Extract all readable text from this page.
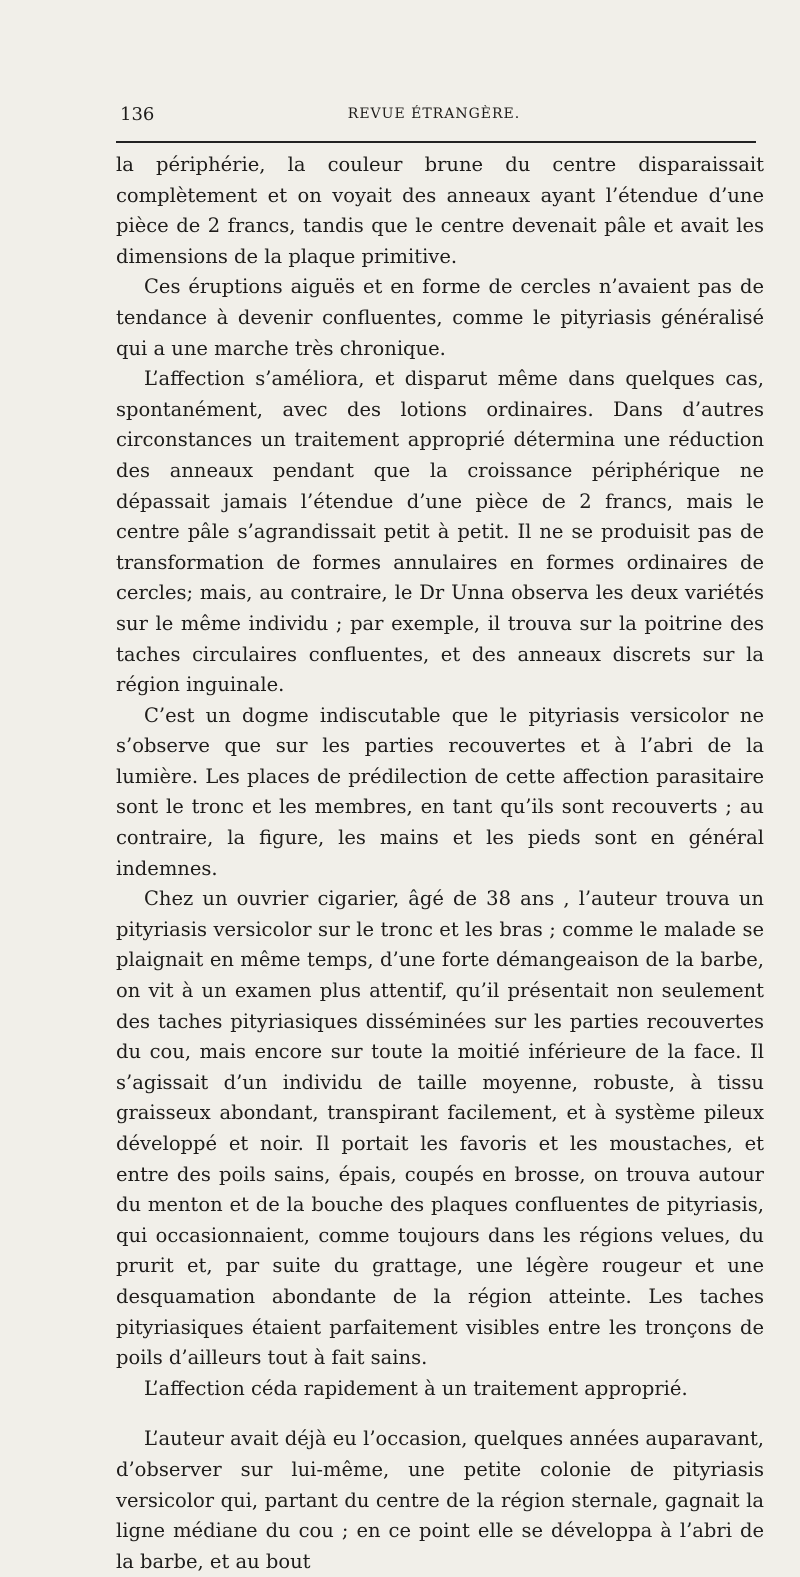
136	REVUE ÉTRANGÈRE.

la périphérie, la couleur brune du centre disparaissait complètement et on voyait des anneaux ayant l’étendue d’une pièce de 2 francs, tandis que le centre devenait pâle et avait les dimensions de la plaque primitive.

Ces éruptions aiguës et en forme de cercles n’avaient pas de tendance à devenir confluentes, comme le pityriasis généralisé qui a une marche très chronique.

L’affection s’améliora, et disparut même dans quelques cas, spontanément, avec des lotions ordinaires. Dans d’autres circonstances un traitement approprié détermina une réduction des anneaux pendant que la croissance périphérique ne dépassait jamais l’étendue d’une pièce de 2 francs, mais le centre pâle s’agrandissait petit à petit. Il ne se produisit pas de transformation de formes annulaires en formes ordinaires de cercles; mais, au contraire, le Dr Unna observa les deux variétés sur le même individu ; par exemple, il trouva sur la poitrine des taches circulaires confluentes, et des anneaux discrets sur la région inguinale.

C’est un dogme indiscutable que le pityriasis versicolor ne s’observe que sur les parties recouvertes et à l’abri de la lumière. Les places de prédilection de cette affection parasitaire sont le tronc et les membres, en tant qu’ils sont recouverts ; au contraire, la figure, les mains et les pieds sont en général indemnes.

Chez un ouvrier cigarier, âgé de 38 ans , l’auteur trouva un pityriasis versicolor sur le tronc et les bras ; comme le malade se plaignait en même temps, d’une forte démangeaison de la barbe, on vit à un examen plus attentif, qu’il présentait non seulement des taches pityriasiques disséminées sur les parties recouvertes du cou, mais encore sur toute la moitié inférieure de la face. Il s’agissait d’un individu de taille moyenne, robuste, à tissu graisseux abondant, transpirant facilement, et à système pileux développé et noir. Il portait les favoris et les moustaches, et entre des poils sains, épais, coupés en brosse, on trouva autour du menton et de la bouche des plaques confluentes de pityriasis, qui occasionnaient, comme toujours dans les régions velues, du prurit et, par suite du grattage, une légère rougeur et une desquamation abondante de la région atteinte. Les taches pityriasiques étaient parfaitement visibles entre les tronçons de poils d’ailleurs tout à fait sains.

L’affection céda rapidement à un traitement approprié.

L’auteur avait déjà eu l’occasion, quelques années auparavant, d’observer sur lui-même, une petite colonie de pityriasis versicolor qui, partant du centre de la région sternale, gagnait la ligne médiane du cou ; en ce point elle se développa à l’abri de la barbe, et au bout
